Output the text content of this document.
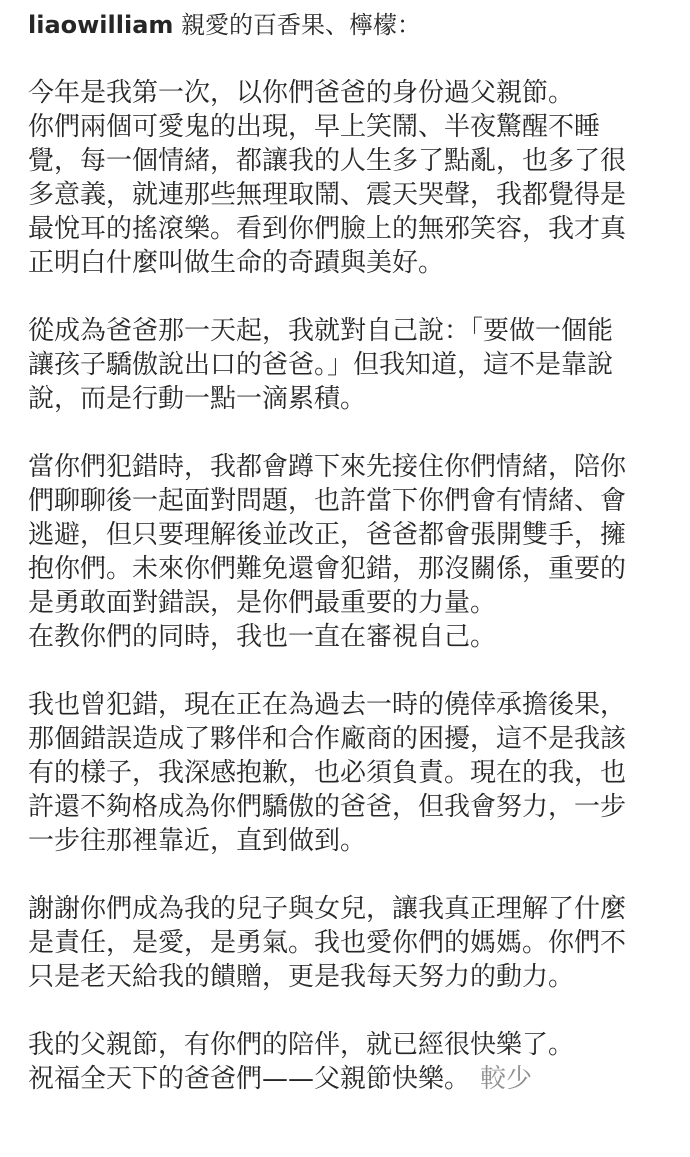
liaowilliam 親愛的百香果、檸檬：
今年是我第一次，以你們爸爸的身份過父親節。
你們兩個可愛鬼的出現，早上笑鬧、半夜驚醒不睡
覺，每一個情緒，都讓我的人生多了點亂，也多了很
多意義，就連那些無理取鬧、震天哭聲，我都覺得是
最悅耳的搖滾樂。看到你們臉上的無邪笑容，我才真
正明白什麼叫做生命的奇蹟與美好。
從成為爸爸那一天起，我就對自己說：「要做一個能
讓孩子驕傲說出口的爸爸。」但我知道，這不是靠說
說，而是行動一點一滴累積。
當你們犯錯時，我都會蹲下來先接住你們情緒，陪你
們聊聊後一起面對問題，也許當下你們會有情緒、會
逃避，但只要理解後並改正，爸爸都會張開雙手，擁
抱你們。未來你們難免還會犯錯，那沒關係，重要的
是勇敢面對錯誤，是你們最重要的力量。
在教你們的同時，我也一直在審視自己。
我也曾犯錯，現在正在為過去一時的僥倖承擔後果，
那個錯誤造成了夥伴和合作廠商的困擾，這不是我該
有的樣子，我深感抱歉，也必須負責。現在的我，也
許還不夠格成為你們驕傲的爸爸，但我會努力，一步
一步往那裡靠近，直到做到。
謝謝你們成為我的兒子與女兒，讓我真正理解了什麼
是責任，是愛，是勇氣。我也愛你們的媽媽。你們不
只是老天給我的饋贈，更是我每天努力的動力。
我的父親節，有你們的陪伴，就已經很快樂了。
祝福全天下的爸爸們——父親節快樂。 較少
